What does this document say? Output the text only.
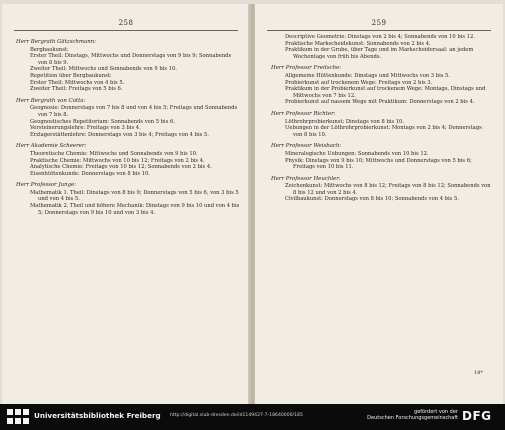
258
Herr Bergrath Gätzschmann:
Bergbaukunst:
Erster Theil: Dinstags, Mittwochs und Donnerstags von 9 bis 9; Sonnabends von 8 bis 9.
Zweiter Theil: Mittwochs und Sonnabends von 9 bis 10.
Repetition über Bergbaukunst:
Erster Theil: Mittwochs von 4 bis 5.
Zweiter Theil: Freitags von 5 bis 6.
Herr Bergrath von Cotta:
Geognosie: Donnerstags von 7 bis 8 und von 4 bis 5; Freitags und Sonnabends von 7 bis 8.
Geognostisches Repetitorium: Sonnabends von 5 bis 6.
Versteinerungslehre: Freitags von 3 bis 4.
Erzlagerstättenlehre: Donnerstags von 3 bis 4; Freitags von 4 bis 5.
Herr Akademie Scheerer:
Theoretische Chemie: Mittwochs und Sonnabends von 9 bis 10.
Praktische Chemie: Mittwochs von 10 bis 12; Freitags von 2 bis 4.
Analytische Chemie: Freitags von 10 bis 12; Sonnabends von 2 bis 4.
Eisenhüttenkunde: Donnerstags von 8 bis 10.
Herr Professor Junge:
Mathematik 1. Theil: Dinstags von 8 bis 9; Donnerstags von 5 bis 6, von 3 bis 5 und von 4 bis 5.
Mathematik 2. Theil und höhere Mechanik: Dinstags von 9 bis 10 und von 4 bis 5; Donnerstags von 9 bis 10 und von 3 bis 4.
259
Descriptive Geometrie: Dinstags von 2 bis 4; Sonnabends von 10 bis 12.
Praktische Markscheidekunst: Sonnabends von 2 bis 4.
Praktikum in der Grube, über Tage und im Markscheidersaal: an jedem Wochentage von früh bis Abends.
Herr Professor Freitsche:
Allgemeine Hüttenkunde: Dinstags und Mittwochs von 3 bis 5.
Probierkunst auf trockenem Wege: Freitags von 2 bis 3.
Praktikum in der Probierkunst auf trockenem Wege: Montags, Dinstags und Mittwochs von 7 bis 12.
Probierkunst auf nassem Wege mit Praktikum: Donnerstags von 2 bis 4.
Herr Professor Richter:
Löthrohrprobierkunst: Dinstags von 8 bis 10.
Uebungen in der Löthrohrprobierkunst: Montags von 2 bis 4; Donnerstags von 8 bis 10.
Herr Professor Weisbach:
Mineralogische Uebungen: Sonnabends von 10 bis 12.
Physik: Dinstags von 9 bis 10; Mittwochs und Donnerstags von 5 bis 6; Freitags von 10 bis 11.
Herr Professor Heuchler:
Zeichenkunst: Mittwochs von 8 bis 12; Freitags von 8 bis 12; Sonnabends von 8 bis 12 und von 2 bis 4.
Civilbaukunst: Donnerstags von 8 bis 10; Sonnabends von 4 bis 5.
18*
Universitätsbibliothek Freiberg http://digital.slub-dresden.de/id1149427-7-18640000/185
gefördert von der
Deutschen Forschungsgemeinschaft DFG
